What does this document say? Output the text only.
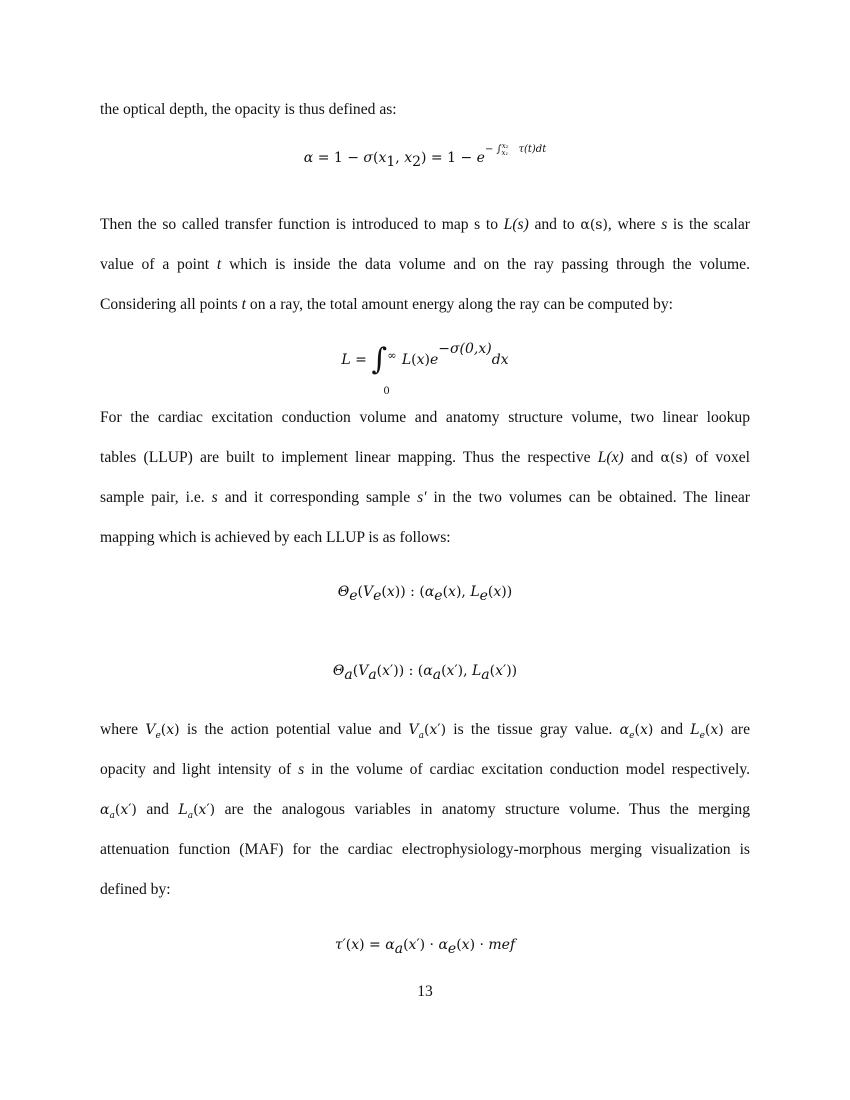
the optical depth, the opacity is thus defined as:

$\alpha = 1 - \sigma(x_1$, $x_2) = 1 - e^{- \int^{x_2}_{x_1} \tau(t)dt}$

Then the so called transfer function is introduced to map s to L(s) and to α(s), where s is the scalar
value of a point t which is inside the data volume and on the ray passing through the volume.
Considering all points t on a ray, the total amount energy along the ray can be computed by:

L = ∫ ∞
0
$L(x)e^{-\sigma(0,x)}dx$

For the cardiac excitation conduction volume and anatomy structure volume, two linear lookup
tables (LLUP) are built to implement linear mapping. Thus the respective L(x) and α(s) of voxel
sample pair, i.e. s and it corresponding sample s' in the two volumes can be obtained. The linear
mapping which is achieved by each LLUP is as follows:

$\Theta_e(V_e(x))$ : ($\alpha_e(x)$, $L_e(x)$)
$\Theta_a(V_a(x'))$ : ($\alpha_a(x')$, $L_a(x')$)

where $V_e(x)$ is the action potential value and $V_a(x')$ is the tissue gray value. $\alpha_e(x)$ and $L_e(x)$ are
opacity and light intensity of s in the volume of cardiac excitation conduction model respectively.
$\alpha_a(x')$ and $L_a(x')$ are the analogous variables in anatomy structure volume. Thus the merging
attenuation function (MAF) for the cardiac electrophysiology-morphous merging visualization is
defined by:

$\tau'(x) = \alpha_a(x') \cdot \alpha_e(x)$ · mef
13
